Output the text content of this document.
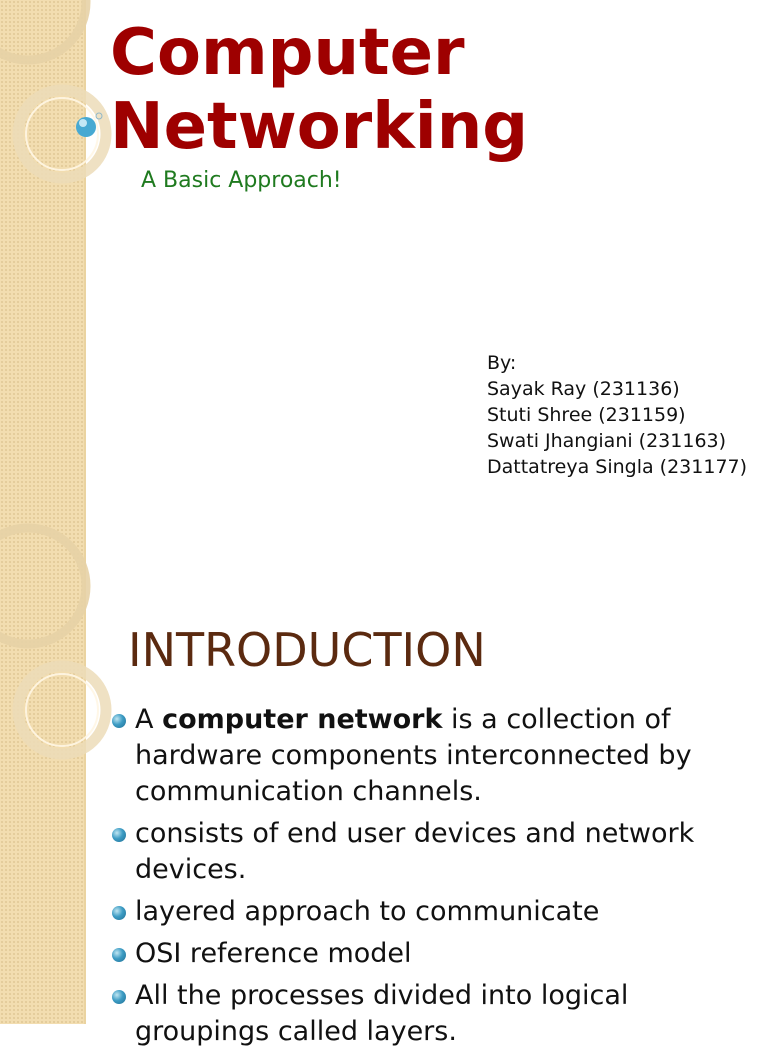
Computer
Networking

A Basic Approach!

By:
Sayak Ray (231136)
Stuti Shree (231159)
Swati Jhangiani (231163)
Dattatreya Singla (231177)
INTRODUCTION
A computer network is a collection of hardware components interconnected by communication channels.
consists of end user devices and network devices.
layered approach to communicate
OSI reference model
All the processes divided into logical groupings called layers.
